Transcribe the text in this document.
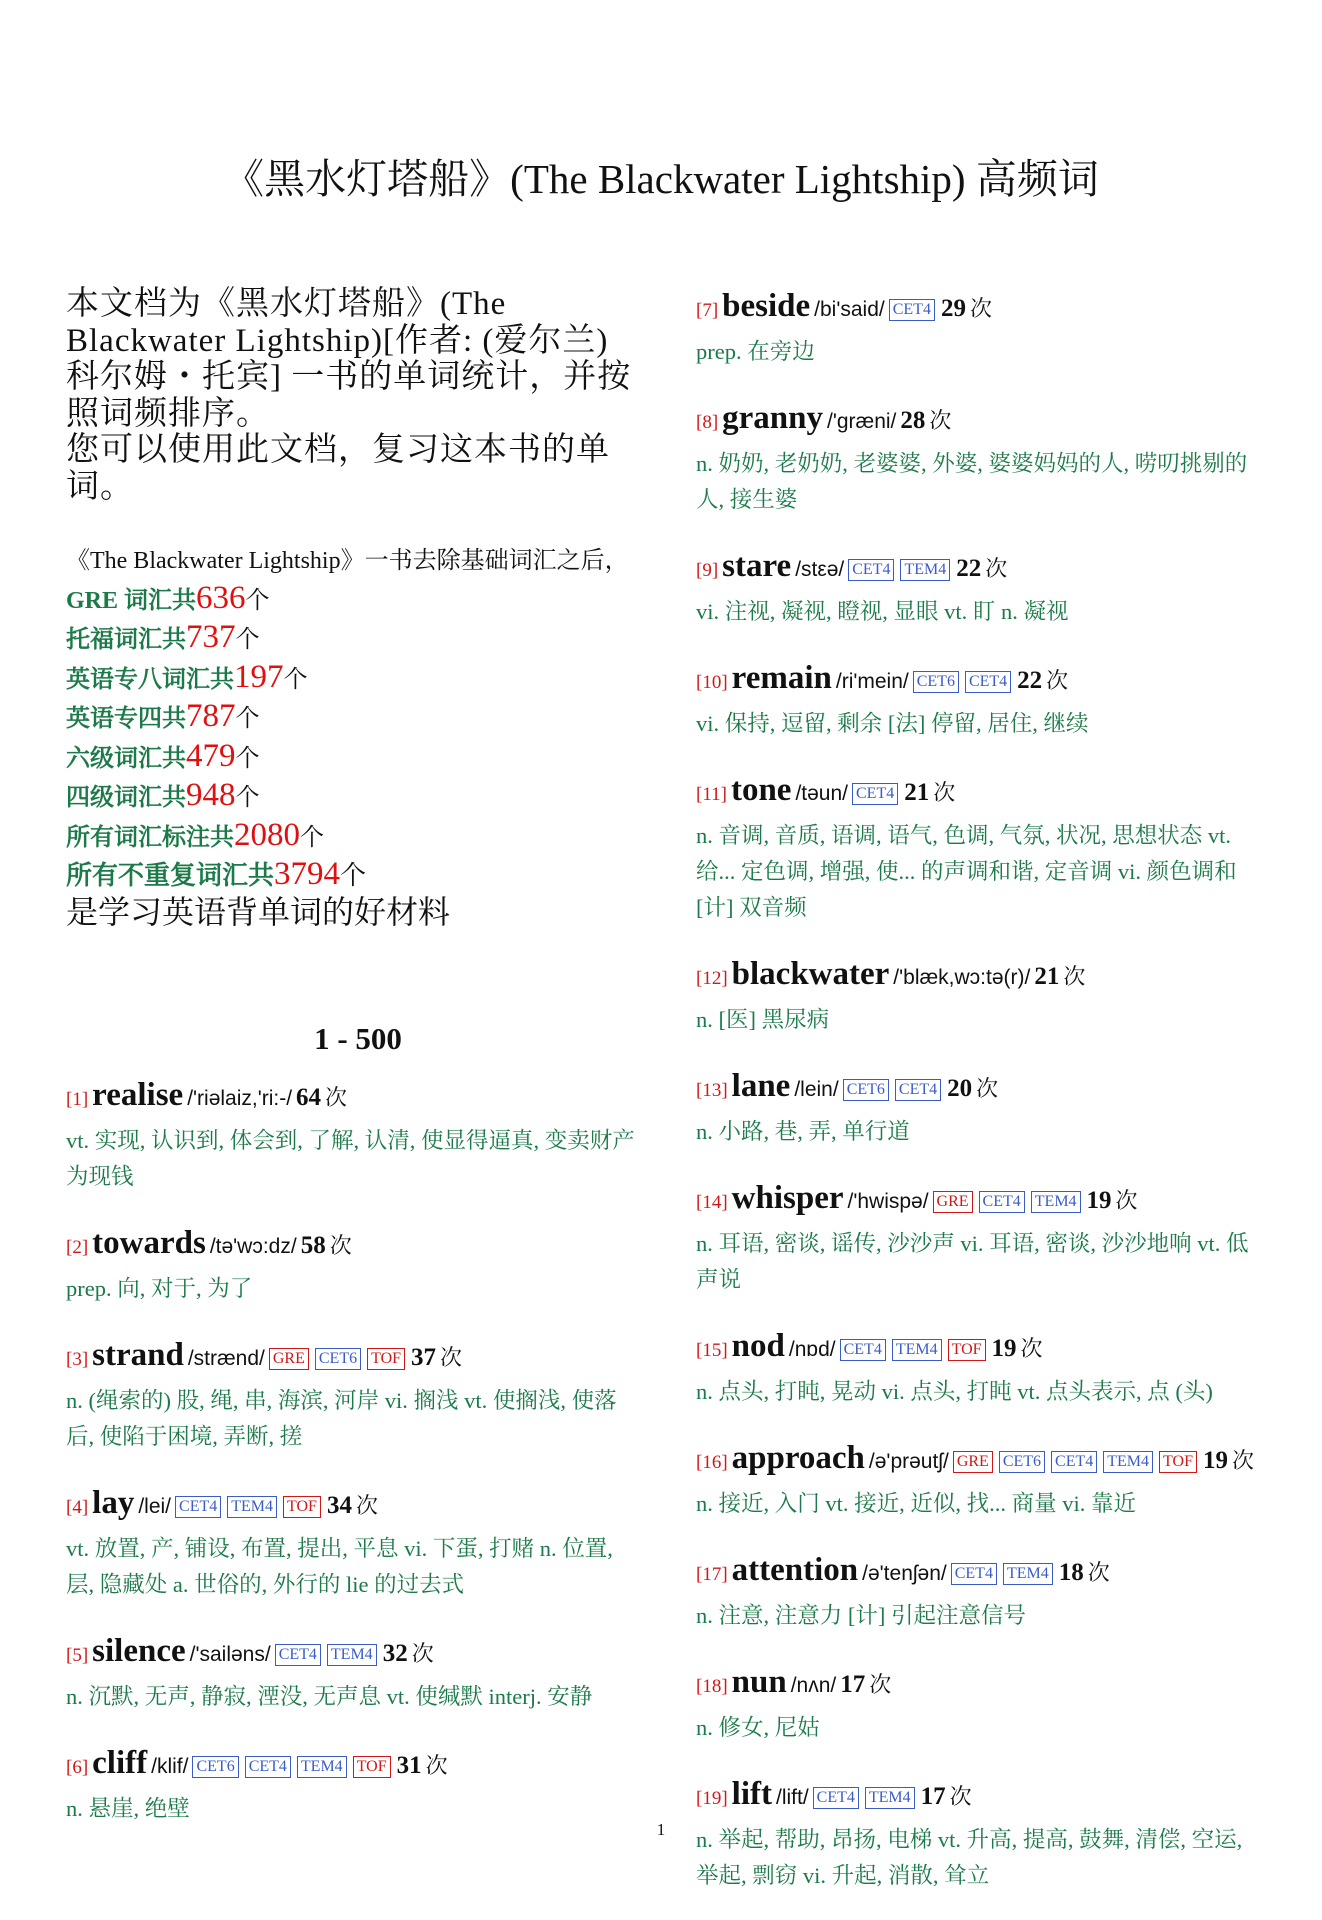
《黑水灯塔船》(The Blackwater Lightship) 高频词
本文档为《黑水灯塔船》(The Blackwater Lightship)[作者: (爱尔兰) 科尔姆・托宾] 一书的单词统计，并按照词频排序。
您可以使用此文档，复习这本书的单词。
《The Blackwater Lightship》一书去除基础词汇之后，
GRE 词汇共636个
托福词汇共737个
英语专八词汇共197个
英语专四共787个
六级词汇共479个
四级词汇共948个
所有词汇标注共2080个
所有不重复词汇共3794个
是学习英语背单词的好材料
1 - 500
[1] realise /'riəlaiz,'ri:-/ 64 次
vt. 实现, 认识到, 体会到, 了解, 认清, 使显得逼真, 变卖财产为现钱
[2] towards /tə'wɔ:dz/ 58 次
prep. 向, 对于, 为了
[3] strand /strænd/ GRE CET6 TOF 37 次
n. (绳索的) 股, 绳, 串, 海滨, 河岸 vi. 搁浅 vt. 使搁浅, 使落后, 使陷于困境, 弄断, 搓
[4] lay /lei/ CET4 TEM4 TOF 34 次
vt. 放置, 产, 铺设, 布置, 提出, 平息 vi. 下蛋, 打赌 n. 位置, 层, 隐藏处 a. 世俗的, 外行的 lie 的过去式
[5] silence /'sailəns/ CET4 TEM4 32 次
n. 沉默, 无声, 静寂, 湮没, 无声息 vt. 使缄默 interj. 安静
[6] cliff /klif/ CET6 CET4 TEM4 TOF 31 次
n. 悬崖, 绝壁
[7] beside /bi'said/ CET4 29 次
prep. 在旁边
[8] granny /'græni/ 28 次
n. 奶奶, 老奶奶, 老婆婆, 外婆, 婆婆妈妈的人, 唠叨挑剔的人, 接生婆
[9] stare /stεə/ CET4 TEM4 22 次
vi. 注视, 凝视, 瞪视, 显眼 vt. 盯 n. 凝视
[10] remain /ri'mein/ CET6 CET4 22 次
vi. 保持, 逗留, 剩余 [法] 停留, 居住, 继续
[11] tone /təun/ CET4 21 次
n. 音调, 音质, 语调, 语气, 色调, 气氛, 状况, 思想状态 vt. 给... 定色调, 增强, 使... 的声调和谐, 定音调 vi. 颜色调和 [计] 双音频
[12] blackwater /'blæk,wɔ:tə(r)/ 21 次
n. [医] 黑尿病
[13] lane /lein/ CET6 CET4 20 次
n. 小路, 巷, 弄, 单行道
[14] whisper /'hwispə/ GRE CET4 TEM4 19 次
n. 耳语, 密谈, 谣传, 沙沙声 vi. 耳语, 密谈, 沙沙地响 vt. 低声说
[15] nod /nɒd/ CET4 TEM4 TOF 19 次
n. 点头, 打盹, 晃动 vi. 点头, 打盹 vt. 点头表示, 点 (头)
[16] approach /ə'prəutʃ/ GRE CET6 CET4 TEM4 TOF 19 次
n. 接近, 入门 vt. 接近, 近似, 找... 商量 vi. 靠近
[17] attention /ə'tenʃən/ CET4 TEM4 18 次
n. 注意, 注意力 [计] 引起注意信号
[18] nun /nʌn/ 17 次
n. 修女, 尼姑
[19] lift /lift/ CET4 TEM4 17 次
n. 举起, 帮助, 昂扬, 电梯 vt. 升高, 提高, 鼓舞, 清偿, 空运, 举起, 剽窃 vi. 升起, 消散, 耸立
1
